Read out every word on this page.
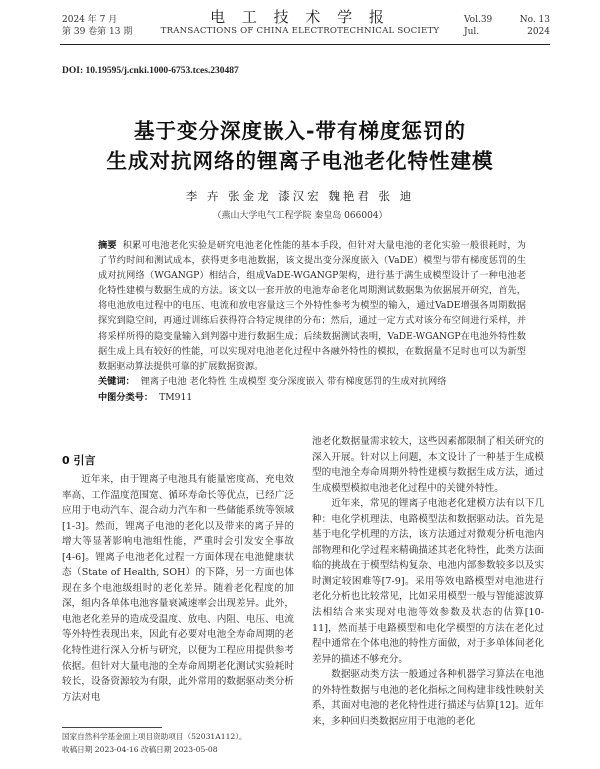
2024 年 7 月
第 39 卷第 13 期
电 工 技 术 学 报
TRANSACTIONS OF CHINA ELECTROTECHNICAL SOCIETY
Vol.39	No. 13
Jul.	2024
DOI: 10.19595/j.cnki.1000-6753.tces.230487
基于变分深度嵌入-带有梯度惩罚的
生成对抗网络的锂离子电池老化特性建模
李 卉 张金龙 漆汉宏 魏艳君 张 迪
（燕山大学电气工程学院 秦皇岛 066004）
摘要 积累可电池老化实验是研究电池老化性能的基本手段，但针对大量电池的老化实验一般很耗时，为了节约时间和测试成本，获得更多电池数据，该文提出变分深度嵌入（VaDE）模型与带有梯度惩罚的生成对抗网络（WGANGP）相结合，组成VaDE-WGANGP架构，进行基于满生成模型设计了一种电池老化特性建模与数据生成的方法。该文以一套开放的电池寿命老化周期测试数据集为依据展开研究，首先，将电池放电过程中的电压、电流和放电容量这三个外特性参考为模型的输入，通过VaDE增强各周期数据探究到隐空间，再通过训练后获得符合特定规律的分布；然后，通过一定方式对该分布空间进行采样，并将采样所得的隐变量输入到判器中进行数据生成；后续数据测试表明，VaDE-WGANGP在电池外特性数据生成上具有较好的性能，可以实现对电池老化过程中各融外特性的模拟，在数据量不足时也可以为新型数据驱动算法提供可靠的扩展数据资源。
关键词： 锂离子电池 老化特性 生成模型 变分深度嵌入 带有梯度惩罚的生成对抗网络
中图分类号： TM911
0 引言

近年来，由于锂离子电池具有能量密度高、充电效率高、工作温度范围宽、循环寿命长等优点，已经广泛应用于电动汽车、混合动力汽车和一些储能系统等领域[1-3]。然而，锂离子电池的老化以及带来的离子异的增大等显著影响电池组性能，严重时会引发安全事故[4-6]。锂离子电池老化过程一方面体现在电池健康状态（State of Health, SOH）的下降，另一方面也体现在多个电池级组时的老化差异。随着老化程度的加深，组内各单体电池容量衰减速率会出现差异。此外，电池老化差异的造成受温度、放电、内阻、电压、电流等外特性表现出来，因此有必要对电池全寿命周期的老化特性进行深入分析与研究，以便为工程应用提供参考依据。但针对大量电池的全寿命周期老化测试实验耗时较长，设备资源较为有限，此外常用的数据驱动类分析方法对电

池老化数据量需求较大，这些因素都限制了相关研究的深入开展。针对以上问题，本文设计了一种基于生成模型的电池全寿命周期外特性建模与数据生成方法，通过生成模型模拟电池老化过程中的关键外特性。

近年来，常见的锂离子电池老化建模方法有以下几种：电化学机理法、电路模型法和数据驱动法。首先是基于电化学机理的方法，该方法通过对微观分析电池内部物理和化学过程来精确描述其老化特性，此类方法面临的挑战在于模型结构复杂、电池内部参数较多以及实时测定较困难等[7-9]。采用等效电路模型对电池进行老化分析也比较常见，比如采用模型一般与智能滤波算法相结合来实现对电池等效参数及状态的估算[10-11]，然而基于电路模型和电化学模型的方法在老化过程中通常在个体电池的特性方面做，对于多单体间老化差异的描述不够充分。

数据驱动类方法一般通过各种机器学习算法在电池的外特性数据与电池的老化指标之间构建非线性映射关系，其面对电池的老化特性进行描述与估算[12]。近年来，多种回归类数据应用于电池的老化

国家自然科学基金面上项目资助项目（52031A112）。
收稿日期 2023-04-16 改稿日期 2023-05-08
